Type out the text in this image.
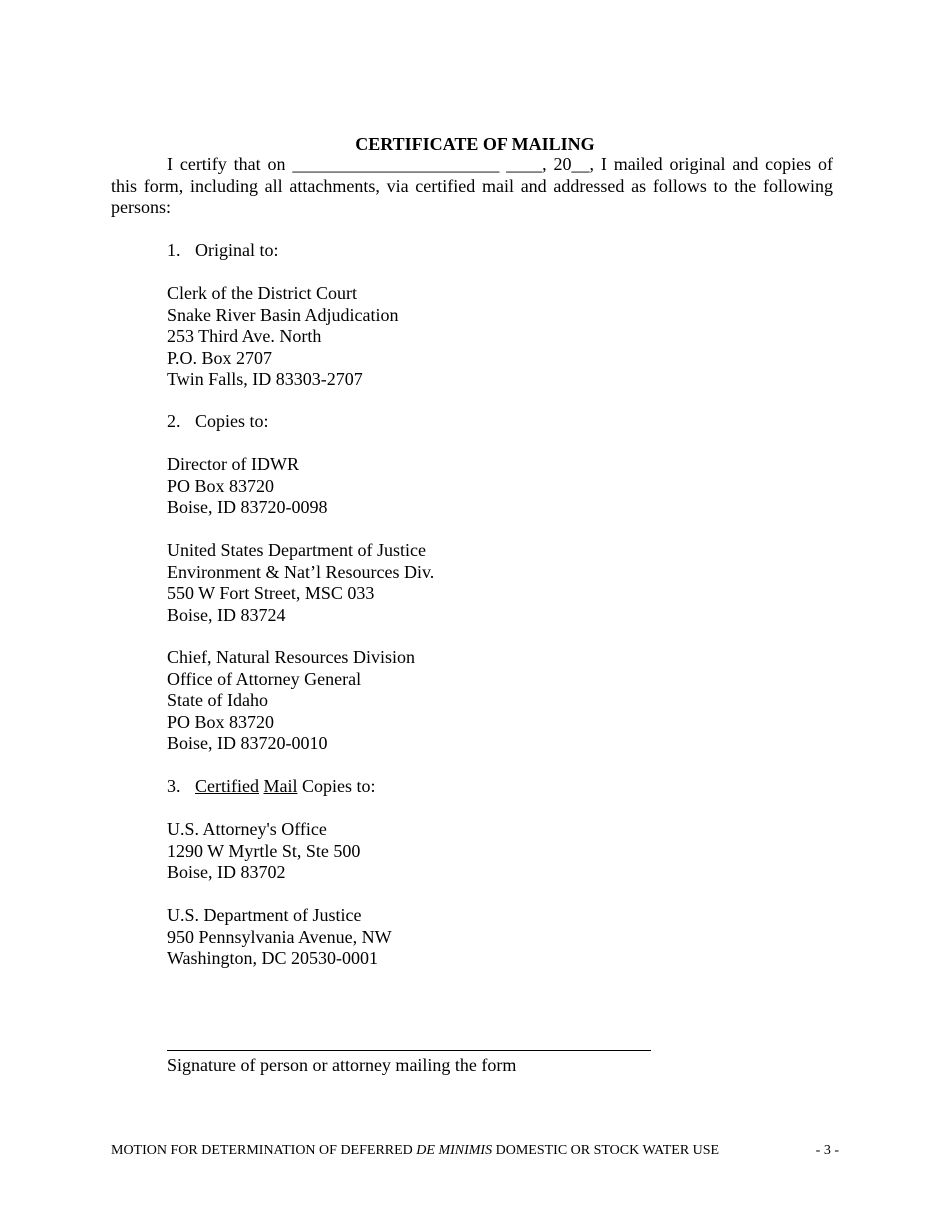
CERTIFICATE OF MAILING
I certify that on _______________________ ____, 20__, I mailed original and copies of this form, including all attachments, via certified mail and addressed as follows to the following persons:
1. Original to:
Clerk of the District Court
Snake River Basin Adjudication
253 Third Ave. North
P.O. Box 2707
Twin Falls, ID 83303-2707
2. Copies to:
Director of IDWR
PO Box 83720
Boise, ID 83720-0098
United States Department of Justice
Environment & Nat’l Resources Div.
550 W Fort Street, MSC 033
Boise, ID 83724
Chief, Natural Resources Division
Office of Attorney General
State of Idaho
PO Box 83720
Boise, ID 83720-0010
3. Certified Mail Copies to:
U.S. Attorney's Office
1290 W Myrtle St, Ste 500
Boise, ID 83702
U.S. Department of Justice
950 Pennsylvania Avenue, NW
Washington, DC 20530-0001
Signature of person or attorney mailing the form
MOTION FOR DETERMINATION OF DEFERRED DE MINIMIS DOMESTIC OR STOCK WATER USE	- 3 -
